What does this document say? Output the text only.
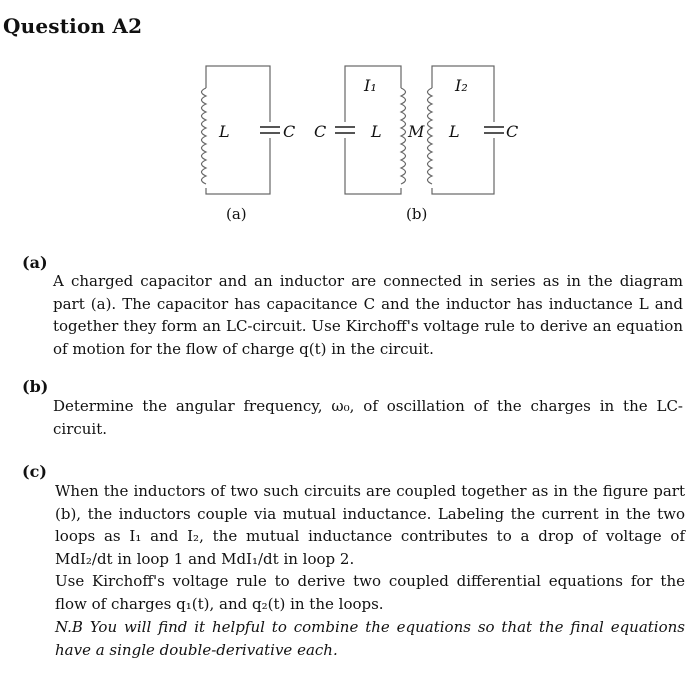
Question A2
L	C
I₁	I₂
C	L M L	C
(a)	(b)
(a)
A charged capacitor and an inductor are connected in series as in the diagram part (a). The capacitor has capacitance C and the inductor has inductance L and together they form an LC-circuit. Use Kirchoff's voltage rule to derive an equation of motion for the flow of charge q(t) in the circuit.
(b)
Determine the angular frequency, ω₀, of oscillation of the charges in the LC-circuit.
(c)
When the inductors of two such circuits are coupled together as in the figure part (b), the inductors couple via mutual inductance. Labeling the current in the two loops as I₁ and I₂, the mutual inductance contributes to a drop of voltage of MdI₂/dt in loop 1 and MdI₁/dt in loop 2.
Use Kirchoff's voltage rule to derive two coupled differential equations for the flow of charges q₁(t), and q₂(t) in the loops.
N.B You will find it helpful to combine the equations so that the final equations have a single double-derivative each.
